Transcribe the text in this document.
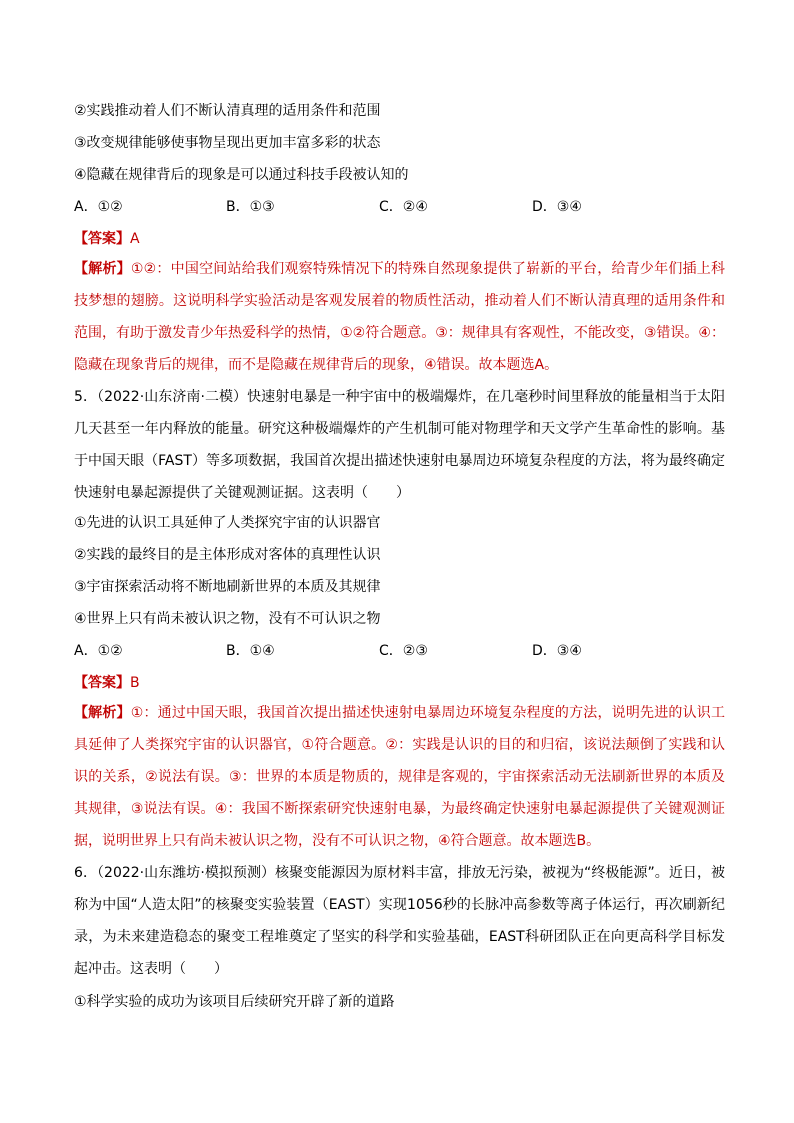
②实践推动着人们不断认清真理的适用条件和范围
③改变规律能够使事物呈现出更加丰富多彩的状态
④隐藏在规律背后的现象是可以通过科技手段被认知的
A．①②	B．①③	C．②④	D．③④
【答案】A
【解析】①②：中国空间站给我们观察特殊情况下的特殊自然现象提供了崭新的平台，给青少年们插上科技梦想的翅膀。这说明科学实验活动是客观发展着的物质性活动，推动着人们不断认清真理的适用条件和范围，有助于激发青少年热爱科学的热情，①②符合题意。③：规律具有客观性，不能改变，③错误。④：隐藏在现象背后的规律，而不是隐藏在规律背后的现象，④错误。故本题选A。
5．（2022·山东济南·二模）快速射电暴是一种宇宙中的极端爆炸，在几毫秒时间里释放的能量相当于太阳几天甚至一年内释放的能量。研究这种极端爆炸的产生机制可能对物理学和天文学产生革命性的影响。基于中国天眼（FAST）等多项数据，我国首次提出描述快速射电暴周边环境复杂程度的方法，将为最终确定快速射电暴起源提供了关键观测证据。这表明（　　）
①先进的认识工具延伸了人类探究宇宙的认识器官
②实践的最终目的是主体形成对客体的真理性认识
③宇宙探索活动将不断地刷新世界的本质及其规律
④世界上只有尚未被认识之物，没有不可认识之物
A．①②	B．①④	C．②③	D．③④
【答案】B
【解析】①：通过中国天眼，我国首次提出描述快速射电暴周边环境复杂程度的方法，说明先进的认识工具延伸了人类探究宇宙的认识器官，①符合题意。②：实践是认识的目的和归宿，该说法颠倒了实践和认识的关系，②说法有误。③：世界的本质是物质的，规律是客观的，宇宙探索活动无法刷新世界的本质及其规律，③说法有误。④：我国不断探索研究快速射电暴，为最终确定快速射电暴起源提供了关键观测证据，说明世界上只有尚未被认识之物，没有不可认识之物，④符合题意。故本题选B。
6．（2022·山东潍坊·模拟预测）核聚变能源因为原材料丰富，排放无污染，被视为“终极能源”。近日，被称为中国“人造太阳”的核聚变实验装置（EAST）实现1056秒的长脉冲高参数等离子体运行，再次刷新纪录，为未来建造稳态的聚变工程堆奠定了坚实的科学和实验基础，EAST科研团队正在向更高科学目标发起冲击。这表明（　　）
①科学实验的成功为该项目后续研究开辟了新的道路
